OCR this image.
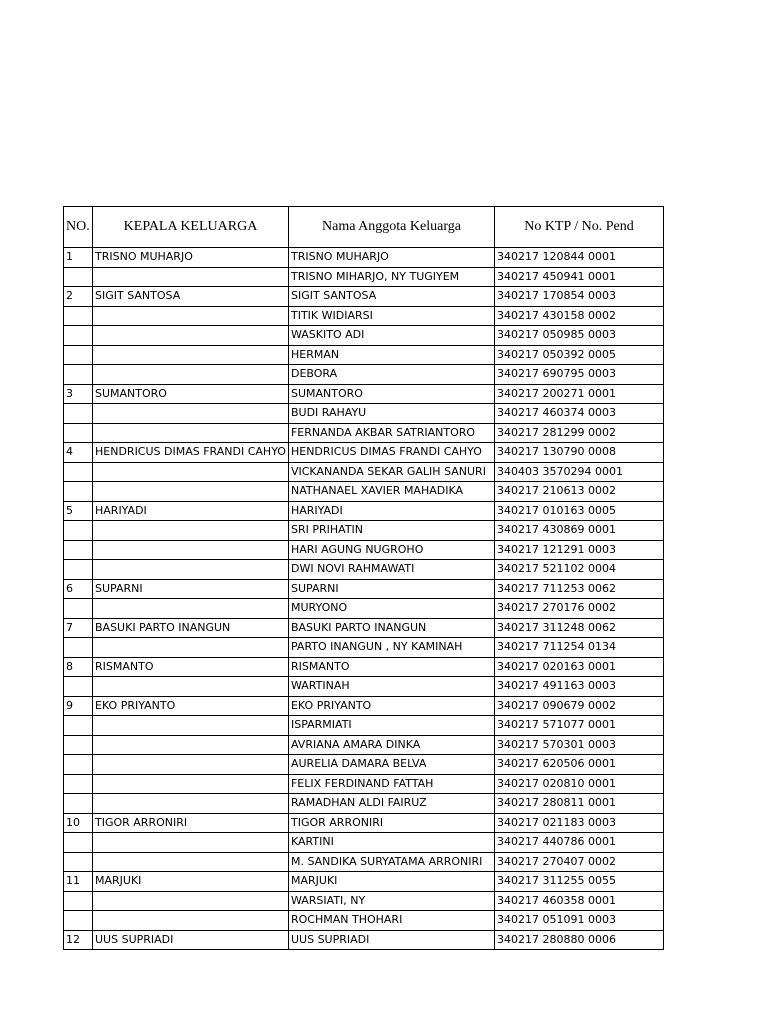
NO.	KEPALA KELUARGA	Nama Anggota Keluarga	No KTP / No. Pend
1	TRISNO MUHARJO	TRISNO MUHARJO	340217 120844 0001
		TRISNO MIHARJO, NY TUGIYEM	340217 450941 0001
2	SIGIT SANTOSA	SIGIT SANTOSA	340217 170854 0003
		TITIK WIDIARSI	340217 430158 0002
		WASKITO ADI	340217 050985 0003
		HERMAN	340217 050392 0005
		DEBORA	340217 690795 0003
3	SUMANTORO	SUMANTORO	340217 200271 0001
		BUDI RAHAYU	340217 460374 0003
		FERNANDA AKBAR SATRIANTORO	340217 281299 0002
4	HENDRICUS DIMAS FRANDI CAHYO	HENDRICUS DIMAS FRANDI CAHYO	340217 130790 0008
		VICKANANDA SEKAR GALIH SANURI	340403 3570294 0001
		NATHANAEL XAVIER MAHADIKA	340217 210613 0002
5	HARIYADI	HARIYADI	340217 010163 0005
		SRI PRIHATIN	340217 430869 0001
		HARI AGUNG NUGROHO	340217 121291 0003
		DWI NOVI RAHMAWATI	340217 521102 0004
6	SUPARNI	SUPARNI	340217 711253 0062
		MURYONO	340217 270176 0002
7	BASUKI PARTO INANGUN	BASUKI PARTO INANGUN	340217 311248 0062
		PARTO INANGUN , NY KAMINAH	340217 711254 0134
8	RISMANTO	RISMANTO	340217 020163 0001
		WARTINAH	340217 491163 0003
9	EKO PRIYANTO	EKO PRIYANTO	340217 090679 0002
		ISPARMIATI	340217 571077 0001
		AVRIANA AMARA DINKA	340217 570301 0003
		AURELIA DAMARA BELVA	340217 620506 0001
		FELIX FERDINAND FATTAH	340217 020810 0001
		RAMADHAN ALDI FAIRUZ	340217 280811 0001
10	TIGOR ARRONIRI	TIGOR ARRONIRI	340217 021183 0003
		KARTINI	340217 440786 0001
		M. SANDIKA SURYATAMA ARRONIRI	340217 270407 0002
11	MARJUKI	MARJUKI	340217 311255 0055
		WARSIATI, NY	340217 460358 0001
		ROCHMAN THOHARI	340217 051091 0003
12	UUS SUPRIADI	UUS SUPRIADI	340217 280880 0006
